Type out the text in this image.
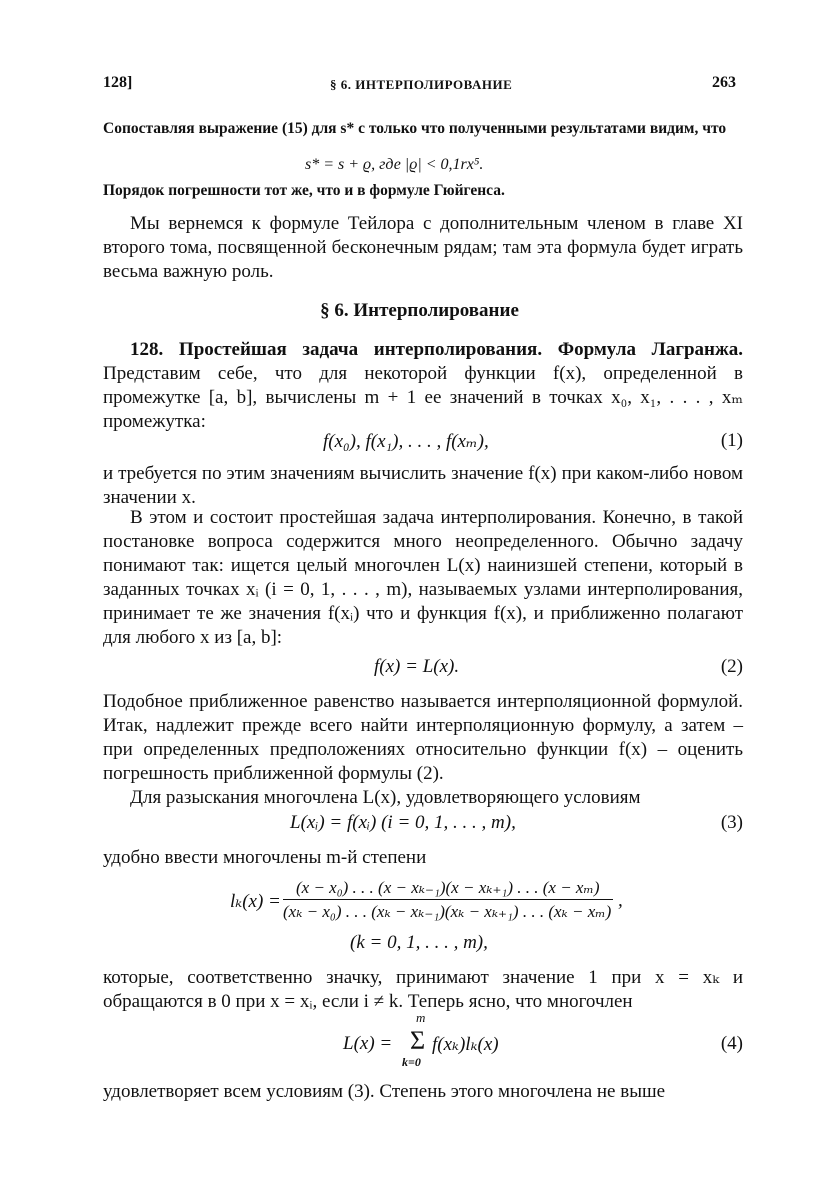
128]	§ 6. ИНТЕРПОЛИРОВАНИЕ	263
Сопоставляя выражение (15) для s* с только что полученными результатами видим, что
s* = s + ϱ, где |ϱ| < 0,1rx⁵.
Порядок погрешности тот же, что и в формуле Гюйгенса.
Мы вернемся к формуле Тейлора с дополнительным членом в главе XI второго тома, посвященной бесконечным рядам; там эта формула будет играть весьма важную роль.
§ 6. Интерполирование
128. Простейшая задача интерполирования. Формула Лагранжа. Представим себе, что для некоторой функции f(x), определенной в промежутке [a, b], вычислены m + 1 ее значений в точках x₀, x₁, . . . , xₘ промежутка:
f(x₀), f(x₁), . . . , f(xₘ),	(1)
и требуется по этим значениям вычислить значение f(x) при каком-либо новом значении x.
В этом и состоит простейшая задача интерполирования. Конечно, в такой постановке вопроса содержится много неопределенного. Обычно задачу понимают так: ищется целый многочлен L(x) наинизшей степени, который в заданных точках xᵢ (i = 0, 1, . . . , m), называемых узлами интерполирования, принимает те же значения f(xᵢ) что и функция f(x), и приближенно полагают для любого x из [a, b]:
f(x) = L(x).	(2)
Подобное приближенное равенство называется интерполяционной формулой. Итак, надлежит прежде всего найти интерполяционную формулу, а затем – при определенных предположениях относительно функции f(x) – оценить погрешность приближенной формулы (2).
Для разыскания многочлена L(x), удовлетворяющего условиям
L(xᵢ) = f(xᵢ) (i = 0, 1, . . . , m),	(3)
удобно ввести многочлены m-й степени
lₖ(x) =
(x − x₀) . . . (x − xₖ₋₁)(x − xₖ₊₁) . . . (x − xₘ)
(xₖ − x₀) . . . (xₖ − xₖ₋₁)(xₖ − xₖ₊₁) . . . (xₖ − xₘ)
,
(k = 0, 1, . . . , m),
которые, соответственно значку, принимают значение 1 при x = xₖ и обращаются в 0 при x = xᵢ, если i ≠ k. Теперь ясно, что многочлен
L(x) =
m
Σ
k=0
f(xₖ)lₖ(x)	(4)
удовлетворяет всем условиям (3). Степень этого многочлена не выше
